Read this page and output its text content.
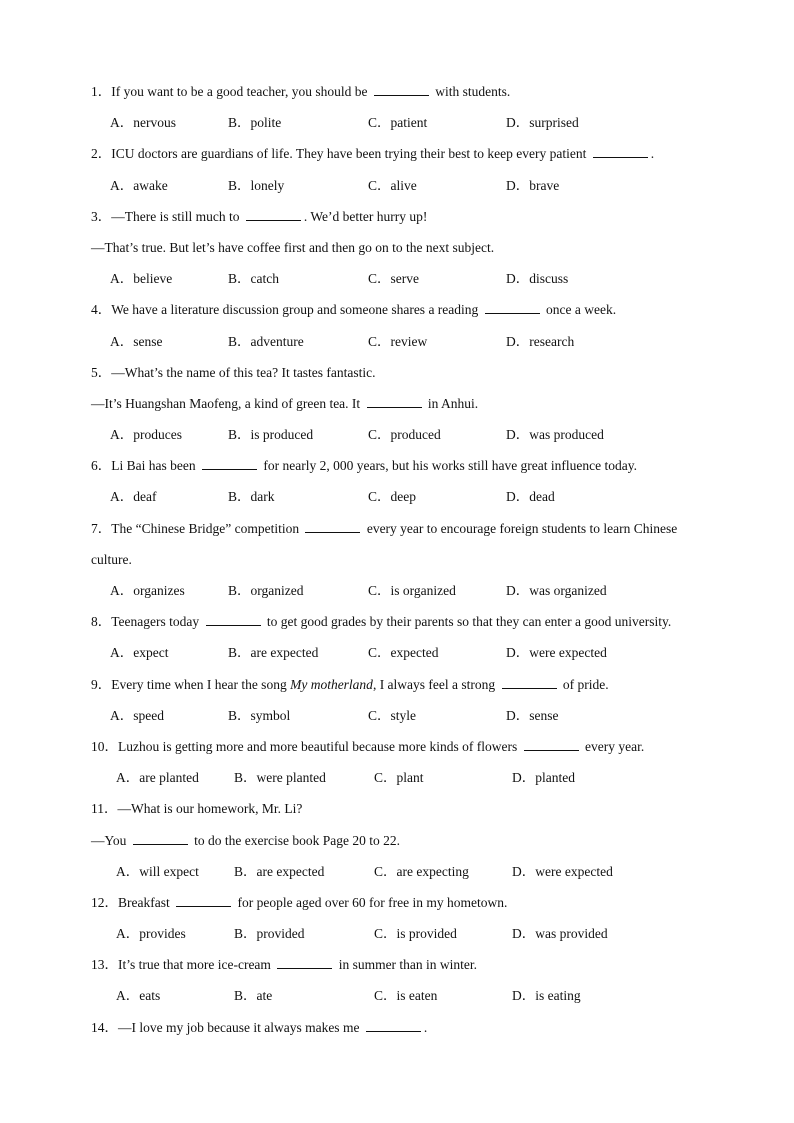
1．If you want to be a good teacher, you should be	with students.
A．nervous	B．polite	C．patient	D．surprised
2．ICU doctors are guardians of life. They have been trying their best to keep every patient	.
A．awake	B．lonely	C．alive	D．brave
3．—There is still much to	. We’d better hurry up!
—That’s true. But let’s have coffee first and then go on to the next subject.
A．believe	B．catch	C．serve	D．discuss
4．We have a literature discussion group and someone shares a reading	once a week.
A．sense	B．adventure	C．review	D．research
5．—What’s the name of this tea? It tastes fantastic.
—It’s Huangshan Maofeng, a kind of green tea. It	in Anhui.
A．produces	B．is produced	C．produced	D．was produced
6．Li Bai has been	for nearly 2, 000 years, but his works still have great influence today.
A．deaf	B．dark	C．deep	D．dead
7．The “Chinese Bridge” competition	every year to encourage foreign students to learn Chinese
culture.
A．organizes	B．organized	C．is organized	D．was organized
8．Teenagers today	to get good grades by their parents so that they can enter a good university.
A．expect	B．are expected	C．expected	D．were expected
9．Every time when I hear the song My motherland, I always feel a strong	of pride.
A．speed	B．symbol	C．style	D．sense
10．Luzhou is getting more and more beautiful because more kinds of flowers	every year.
A．are planted	B．were planted	C．plant	D．planted
11．—What is our homework, Mr. Li?
—You	to do the exercise book Page 20 to 22.
A．will expect	B．are expected	C．are expecting	D．were expected
12．Breakfast	for people aged over 60 for free in my hometown.
A．provides	B．provided	C．is provided	D．was provided
13．It’s true that more ice-cream	in summer than in winter.
A．eats	B．ate	C．is eaten	D．is eating
14．—I love my job because it always makes me	.
